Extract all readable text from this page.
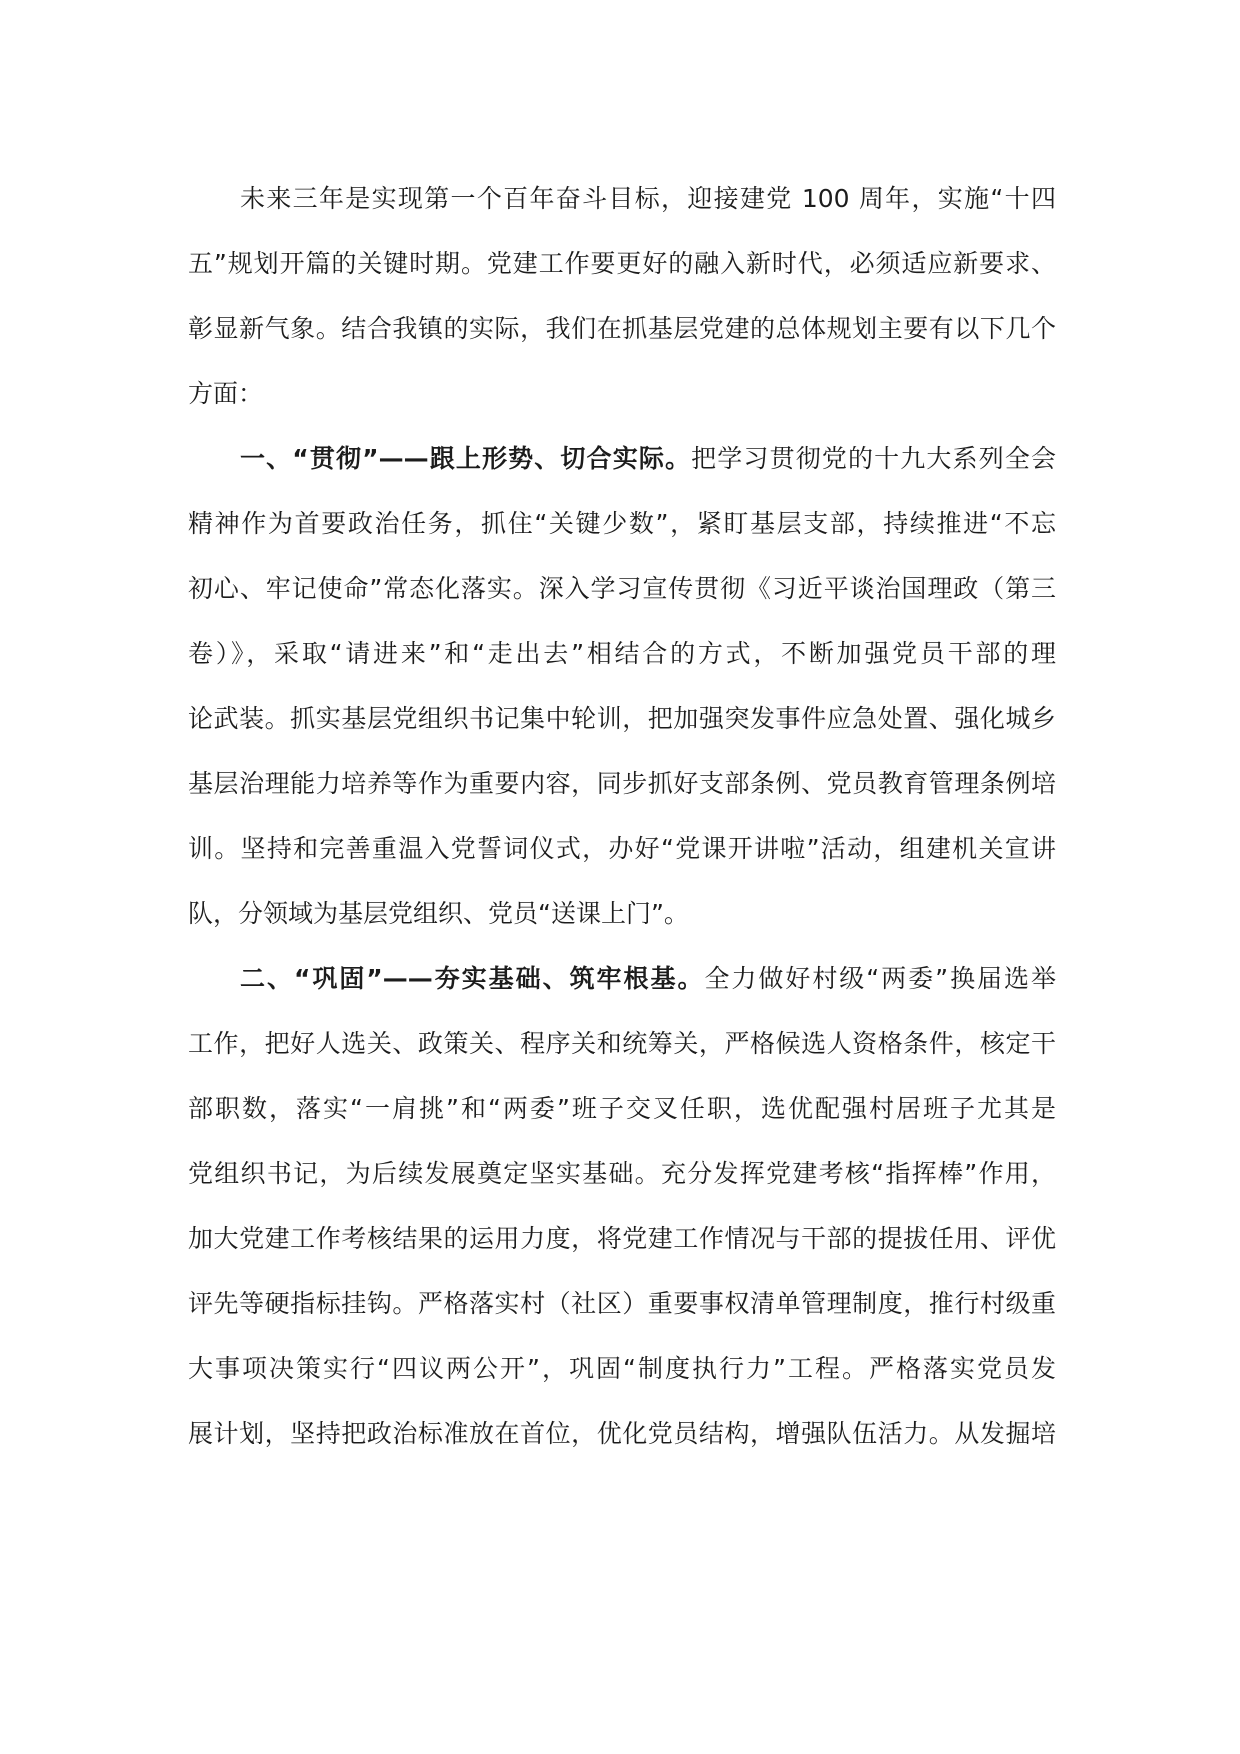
未来三年是实现第一个百年奋斗目标，迎接建党 100 周年，实施“十四
五”规划开篇的关键时期。党建工作要更好的融入新时代，必须适应新要求、
彰显新气象。结合我镇的实际，我们在抓基层党建的总体规划主要有以下几个
方面：
一、“贯彻”——跟上形势、切合实际。把学习贯彻党的十九大系列全会
精神作为首要政治任务，抓住“关键少数”，紧盯基层支部，持续推进“不忘
初心、牢记使命”常态化落实。深入学习宣传贯彻《习近平谈治国理政（第三
卷）》，采取“请进来”和“走出去”相结合的方式，不断加强党员干部的理
论武装。抓实基层党组织书记集中轮训，把加强突发事件应急处置、强化城乡
基层治理能力培养等作为重要内容，同步抓好支部条例、党员教育管理条例培
训。坚持和完善重温入党誓词仪式，办好“党课开讲啦”活动，组建机关宣讲
队，分领域为基层党组织、党员“送课上门”。
二、“巩固”——夯实基础、筑牢根基。全力做好村级“两委”换届选举
工作，把好人选关、政策关、程序关和统筹关，严格候选人资格条件，核定干
部职数，落实“一肩挑”和“两委”班子交叉任职，选优配强村居班子尤其是
党组织书记，为后续发展奠定坚实基础。充分发挥党建考核“指挥棒”作用，
加大党建工作考核结果的运用力度，将党建工作情况与干部的提拔任用、评优
评先等硬指标挂钩。严格落实村（社区）重要事权清单管理制度，推行村级重
大事项决策实行“四议两公开”，巩固“制度执行力”工程。严格落实党员发
展计划，坚持把政治标准放在首位，优化党员结构，增强队伍活力。从发掘培
